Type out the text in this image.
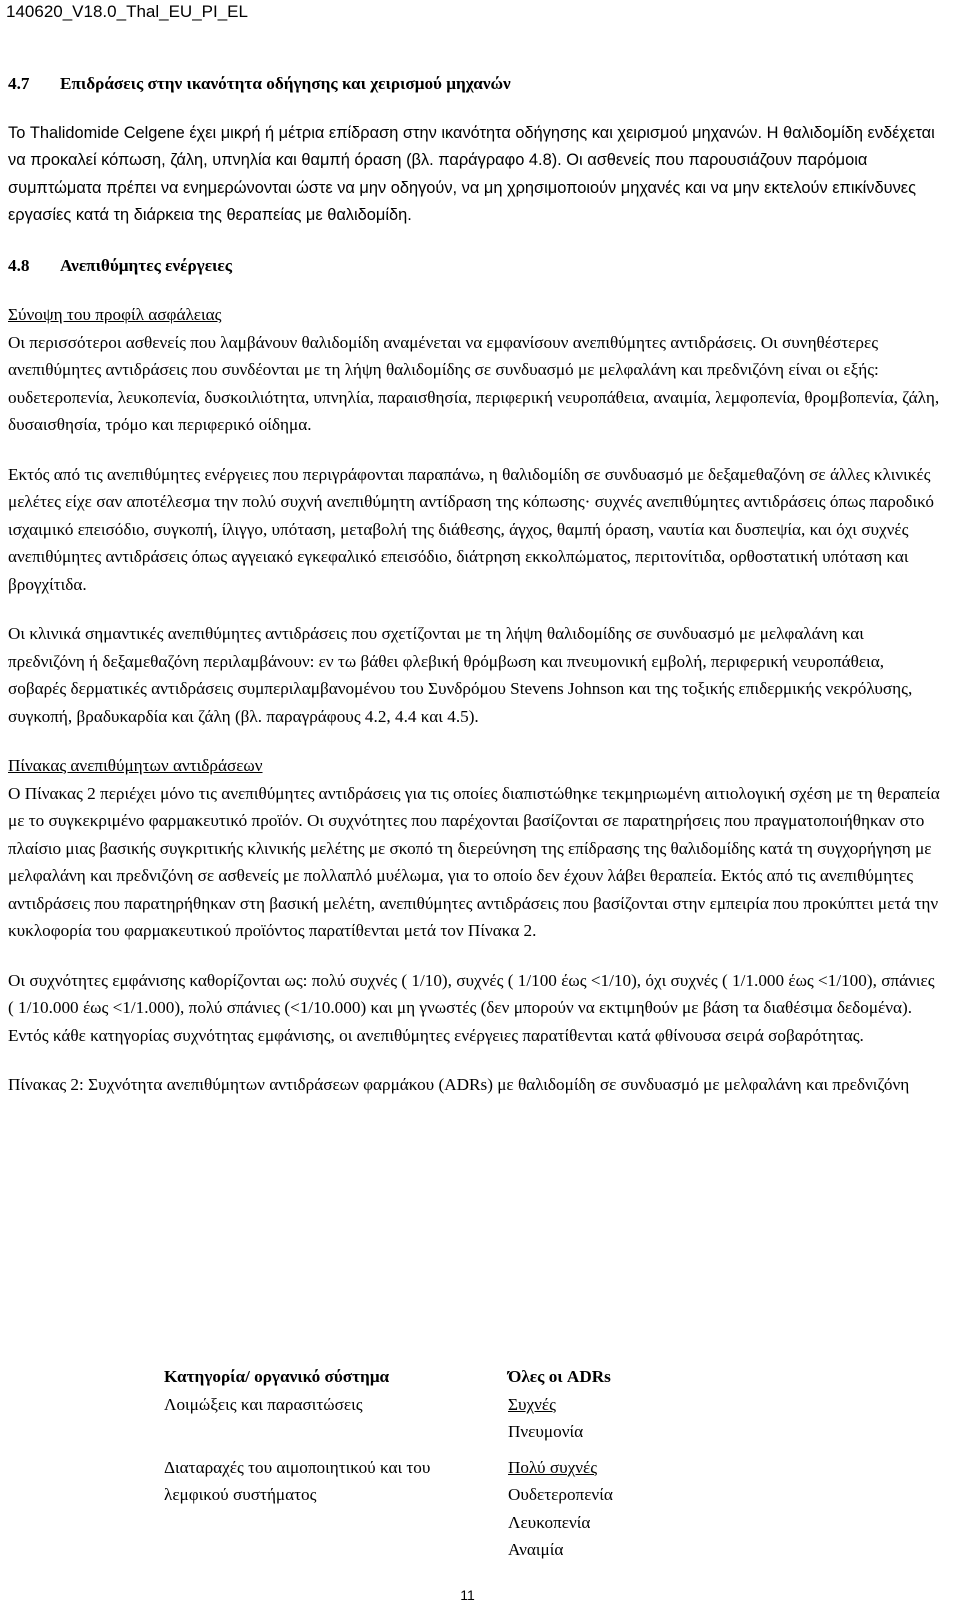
140620_V18.0_Thal_EU_PI_EL
4.7 Επιδράσεις στην ικανότητα οδήγησης και χειρισμού μηχανών

Το Thalidomide Celgene έχει μικρή ή μέτρια επίδραση στην ικανότητα οδήγησης και χειρισμού μηχανών. Η θαλιδομίδη ενδέχεται να προκαλεί κόπωση, ζάλη, υπνηλία και θαμπή όραση (βλ. παράγραφο 4.8). Οι ασθενείς που παρουσιάζουν παρόμοια συμπτώματα πρέπει να ενημερώνονται ώστε να μην οδηγούν, να μη χρησιμοποιούν μηχανές και να μην εκτελούν επικίνδυνες εργασίες κατά τη διάρκεια της θεραπείας με θαλιδομίδη.

4.8 Ανεπιθύμητες ενέργειες

Σύνοψη του προφίλ ασφάλειας

Οι περισσότεροι ασθενείς που λαμβάνουν θαλιδομίδη αναμένεται να εμφανίσουν ανεπιθύμητες αντιδράσεις. Οι συνηθέστερες ανεπιθύμητες αντιδράσεις που συνδέονται με τη λήψη θαλιδομίδης σε συνδυασμό με μελφαλάνη και πρεδνιζόνη είναι οι εξής: ουδετεροπενία, λευκοπενία, δυσκοιλιότητα, υπνηλία, παραισθησία, περιφερική νευροπάθεια, αναιμία, λεμφοπενία, θρομβοπενία, ζάλη, δυσαισθησία, τρόμο και περιφερικό οίδημα.

Εκτός από τις ανεπιθύμητες ενέργειες που περιγράφονται παραπάνω, η θαλιδομίδη σε συνδυασμό με δεξαμεθαζόνη σε άλλες κλινικές μελέτες είχε σαν αποτέλεσμα την πολύ συχνή ανεπιθύμητη αντίδραση της κόπωσης· συχνές ανεπιθύμητες αντιδράσεις όπως παροδικό ισχαιμικό επεισόδιο, συγκοπή, ίλιγγο, υπόταση, μεταβολή της διάθεσης, άγχος, θαμπή όραση, ναυτία και δυσπεψία, και όχι συχνές ανεπιθύμητες αντιδράσεις όπως αγγειακό εγκεφαλικό επεισόδιο, διάτρηση εκκολπώματος, περιτονίτιδα, ορθοστατική υπόταση και βρογχίτιδα.

Οι κλινικά σημαντικές ανεπιθύμητες αντιδράσεις που σχετίζονται με τη λήψη θαλιδομίδης σε συνδυασμό με μελφαλάνη και πρεδνιζόνη ή δεξαμεθαζόνη περιλαμβάνουν: εν τω βάθει φλεβική θρόμβωση και πνευμονική εμβολή, περιφερική νευροπάθεια, σοβαρές δερματικές αντιδράσεις συμπεριλαμβανομένου του Συνδρόμου Stevens Johnson και της τοξικής επιδερμικής νεκρόλυσης, συγκοπή, βραδυκαρδία και ζάλη (βλ. παραγράφους 4.2, 4.4 και 4.5).

Πίνακας ανεπιθύμητων αντιδράσεων

Ο Πίνακας 2 περιέχει μόνο τις ανεπιθύμητες αντιδράσεις για τις οποίες διαπιστώθηκε τεκμηριωμένη αιτιολογική σχέση με τη θεραπεία με το συγκεκριμένο φαρμακευτικό προϊόν. Οι συχνότητες που παρέχονται βασίζονται σε παρατηρήσεις που πραγματοποιήθηκαν στο πλαίσιο μιας βασικής συγκριτικής κλινικής μελέτης με σκοπό τη διερεύνηση της επίδρασης της θαλιδομίδης κατά τη συγχορήγηση με μελφαλάνη και πρεδνιζόνη σε ασθενείς με πολλαπλό μυέλωμα, για το οποίο δεν έχουν λάβει θεραπεία. Εκτός από τις ανεπιθύμητες αντιδράσεις που παρατηρήθηκαν στη βασική μελέτη, ανεπιθύμητες αντιδράσεις που βασίζονται στην εμπειρία που προκύπτει μετά την κυκλοφορία του φαρμακευτικού προϊόντος παρατίθενται μετά τον Πίνακα 2.

Οι συχνότητες εμφάνισης καθορίζονται ως: πολύ συχνές ( 1/10), συχνές ( 1/100 έως <1/10), όχι συχνές ( 1/1.000 έως <1/100), σπάνιες ( 1/10.000 έως <1/1.000), πολύ σπάνιες (<1/10.000) και μη γνωστές (δεν μπορούν να εκτιμηθούν με βάση τα διαθέσιμα δεδομένα). Εντός κάθε κατηγορίας συχνότητας εμφάνισης, οι ανεπιθύμητες ενέργειες παρατίθενται κατά φθίνουσα σειρά σοβαρότητας.

Πίνακας 2: Συχνότητα ανεπιθύμητων αντιδράσεων φαρμάκου (ADRs) με θαλιδομίδη σε συνδυασμό με μελφαλάνη και πρεδνιζόνη

Κατηγορία/ οργανικό σύστημα	Όλες οι ADRs
Λοιμώξεις και παρασιτώσεις	Συχνές
Πνευμονία

Διαταραχές του αιμοποιητικού και του λεμφικού συστήματος	Πολύ συχνές
Ουδετεροπενία
Λευκοπενία
Αναιμία
11
